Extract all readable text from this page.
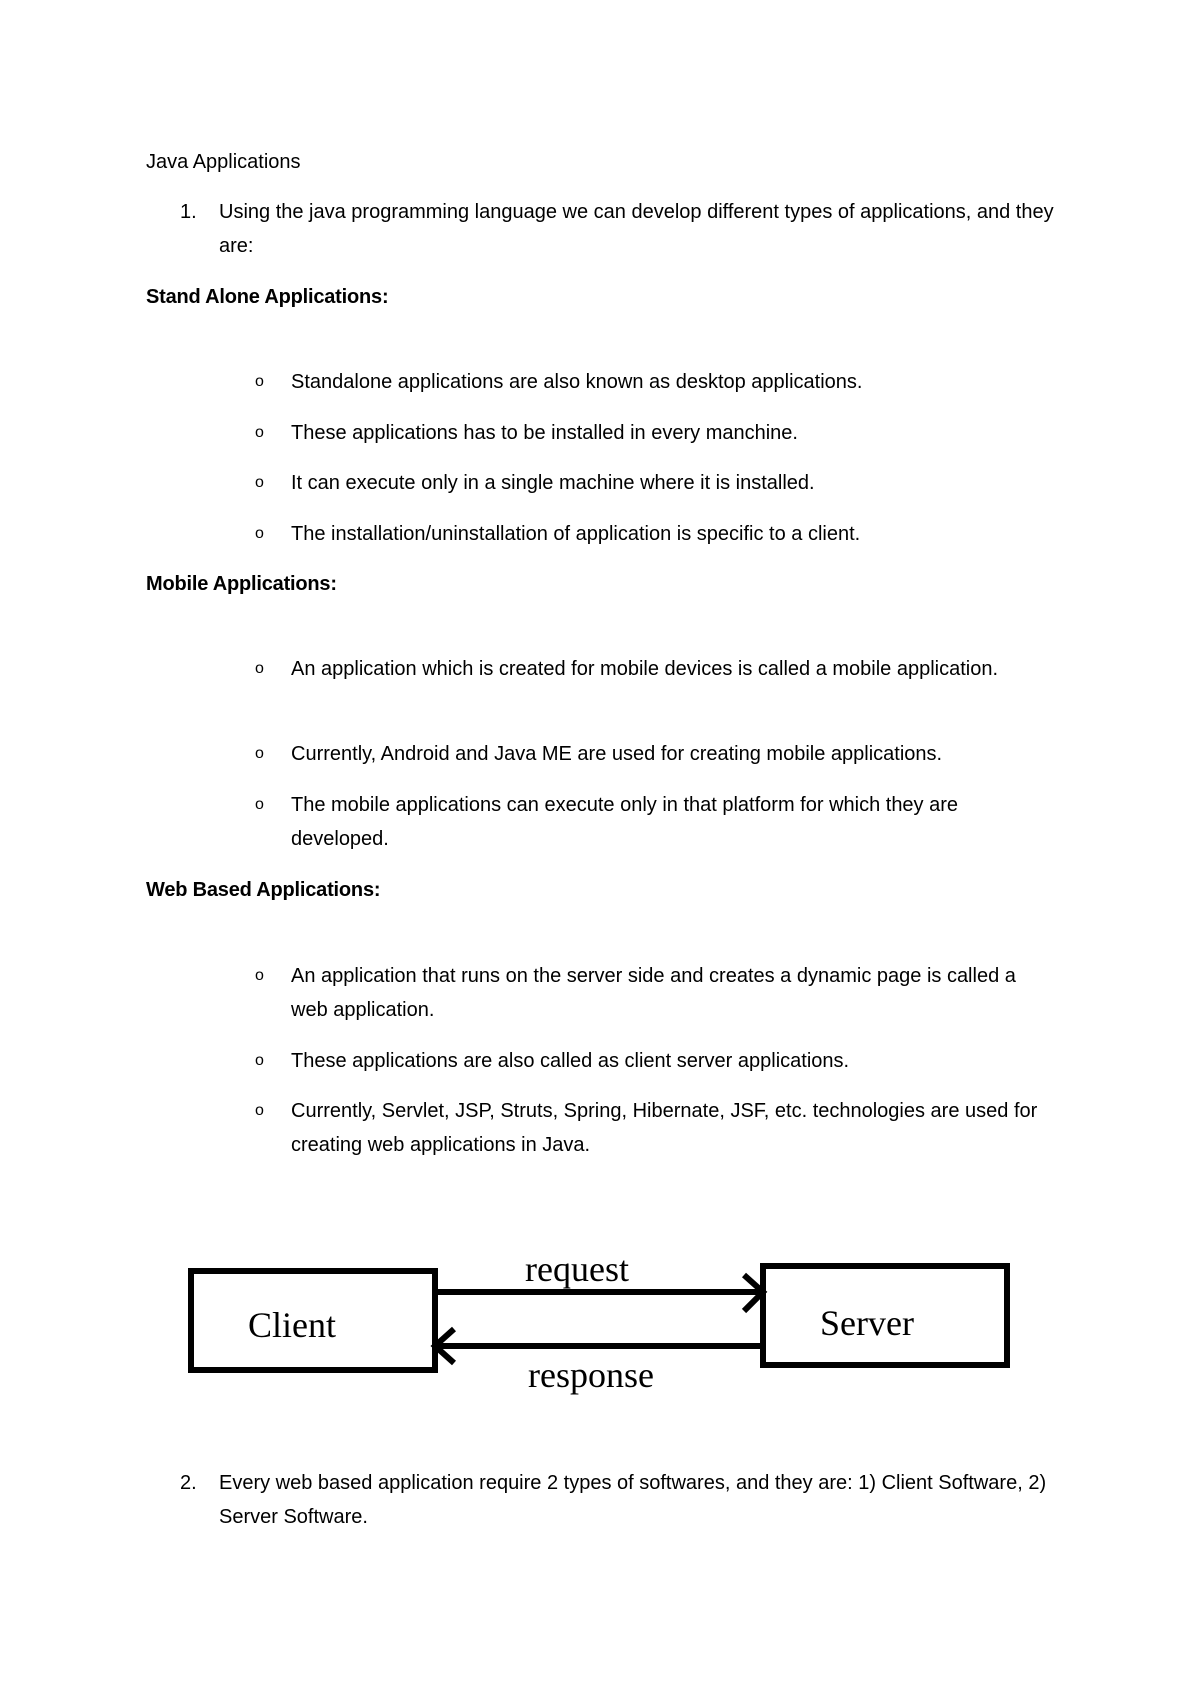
Java Applications
1. Using the java programming language we can develop different types of applications, and they are:
Stand Alone Applications:
o Standalone applications are also known as desktop applications.
o These applications has to be installed in every manchine.
o It can execute only in a single machine where it is installed.
o The installation/uninstallation of application is specific to a client.
Mobile Applications:
o An application which is created for mobile devices is called a mobile application.
o Currently, Android and Java ME are used for creating mobile applications.
o The mobile applications can execute only in that platform for which they are developed.
Web Based Applications:
o An application that runs on the server side and creates a dynamic page is called a web application.
o These applications are also called as client server applications.
o Currently, Servlet, JSP, Struts, Spring, Hibernate, JSF, etc. technologies are used for creating web applications in Java.
Client	Server
request
response
2. Every web based application require 2 types of softwares, and they are: 1) Client Software, 2) Server Software.
